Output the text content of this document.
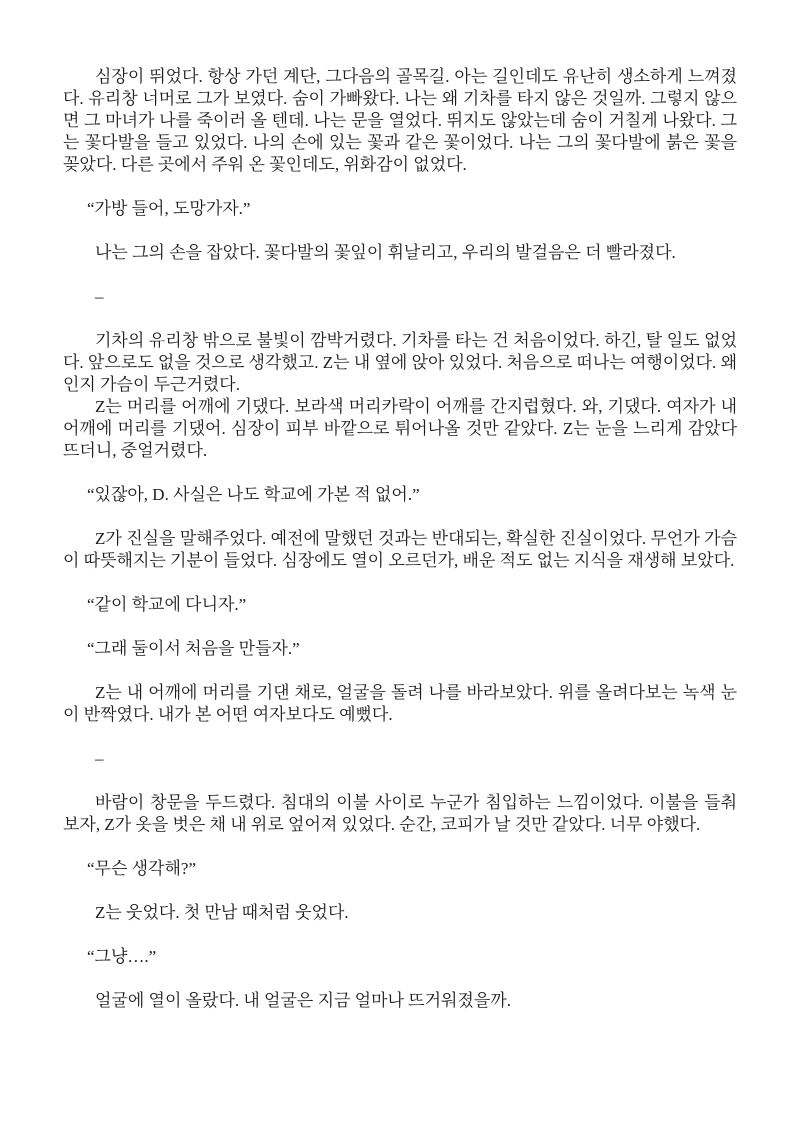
심장이 뛰었다. 항상 가던 계단, 그다음의 골목길. 아는 길인데도 유난히 생소하게 느껴졌다. 유리창 너머로 그가 보였다. 숨이 가빠왔다. 나는 왜 기차를 타지 않은 것일까. 그렇지 않으면 그 마녀가 나를 죽이러 올 텐데. 나는 문을 열었다. 뛰지도 않았는데 숨이 거칠게 나왔다. 그는 꽃다발을 들고 있었다. 나의 손에 있는 꽃과 같은 꽃이었다. 나는 그의 꽃다발에 붉은 꽃을 꽂았다. 다른 곳에서 주워 온 꽃인데도, 위화감이 없었다.
“가방 들어, 도망가자.”
나는 그의 손을 잡았다. 꽃다발의 꽃잎이 휘날리고, 우리의 발걸음은 더 빨라졌다.
–
기차의 유리창 밖으로 불빛이 깜박거렸다. 기차를 타는 건 처음이었다. 하긴, 탈 일도 없었다. 앞으로도 없을 것으로 생각했고. Z는 내 옆에 앉아 있었다. 처음으로 떠나는 여행이었다. 왜인지 가슴이 두근거렸다.
Z는 머리를 어깨에 기댔다. 보라색 머리카락이 어깨를 간지럽혔다. 와, 기댔다. 여자가 내 어깨에 머리를 기댔어. 심장이 피부 바깥으로 튀어나올 것만 같았다. Z는 눈을 느리게 감았다 뜨더니, 중얼거렸다.
“있잖아, D. 사실은 나도 학교에 가본 적 없어.”
Z가 진실을 말해주었다. 예전에 말했던 것과는 반대되는, 확실한 진실이었다. 무언가 가슴이 따뜻해지는 기분이 들었다. 심장에도 열이 오르던가, 배운 적도 없는 지식을 재생해 보았다.
“같이 학교에 다니자.”
“그래 둘이서 처음을 만들자.”
Z는 내 어깨에 머리를 기댄 채로, 얼굴을 돌려 나를 바라보았다. 위를 올려다보는 녹색 눈이 반짝였다. 내가 본 어떤 여자보다도 예뻤다.
–
바람이 창문을 두드렸다. 침대의 이불 사이로 누군가 침입하는 느낌이었다. 이불을 들춰보자, Z가 옷을 벗은 채 내 위로 엎어져 있었다. 순간, 코피가 날 것만 같았다. 너무 야했다.
“무슨 생각해?”
Z는 웃었다. 첫 만남 때처럼 웃었다.
“그냥….”
얼굴에 열이 올랐다. 내 얼굴은 지금 얼마나 뜨거워졌을까.
